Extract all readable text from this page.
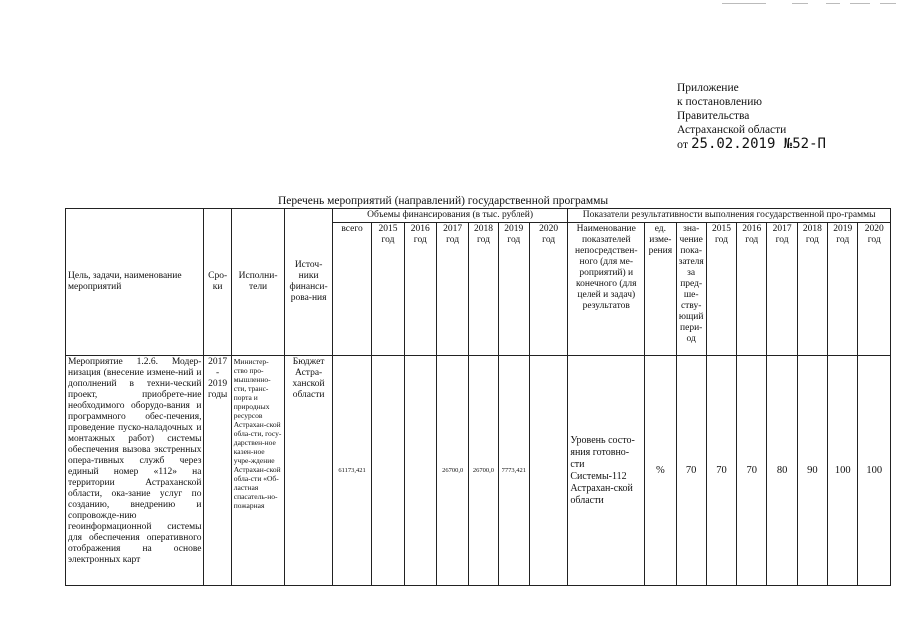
Приложение
к постановлению
Правительства
Астраханской области
от 25.02.2019 №52-П
Перечень мероприятий (направлений) государственной программы
Цель, задачи, наименование мероприятий	Сро-ки	Исполни-тели	Источ-ники финанси-рова-ния	Объемы финансирования (в тыс. рублей)							Показатели результативности выполнения государственной про-граммы								
				всего	2015 год	2016 год	2017 год	2018 год	2019 год	2020 год	Наименование показателей непосредствен-ного (для ме-роприятий) и конечного (для целей и задач) результатов	ед. изме-рения	зна-чение пока-зателя за пред-ше-ству-ющий пери-од	2015 год	2016 год	2017 год	2018 год	2019 год	2020 год
Мероприятие 1.2.6. Модер-низация (внесение измене-ний и дополнений в техни-ческий проект, приобрете-ние необходимого оборудо-вания и программного обес-печения, проведение пуско-наладочных и монтажных работ) системы обеспечения вызова экстренных опера-тивных служб через единый номер «112» на территории Астраханской области, ока-зание услуг по созданию, внедрению и сопровожде-нию геоинформационной системы для обеспечения оперативного отображения на основе электронных карт	2017 - 2019 годы	Министер-ство про-мышленно-сти, транс-порта и природных ресурсов Астрахан-ской обла-сти, госу-дарствен-ное казен-ное учре-ждение Астрахан-ской обла-сти «Об-ластная спасатель-но-пожарная	Бюджет Астра-ханской области	61173,421			26700,0	26700,0	7773,421		Уровень состо-яния готовно-сти Системы-112 Астрахан-ской области	%	70	70	70	80	90	100	100
